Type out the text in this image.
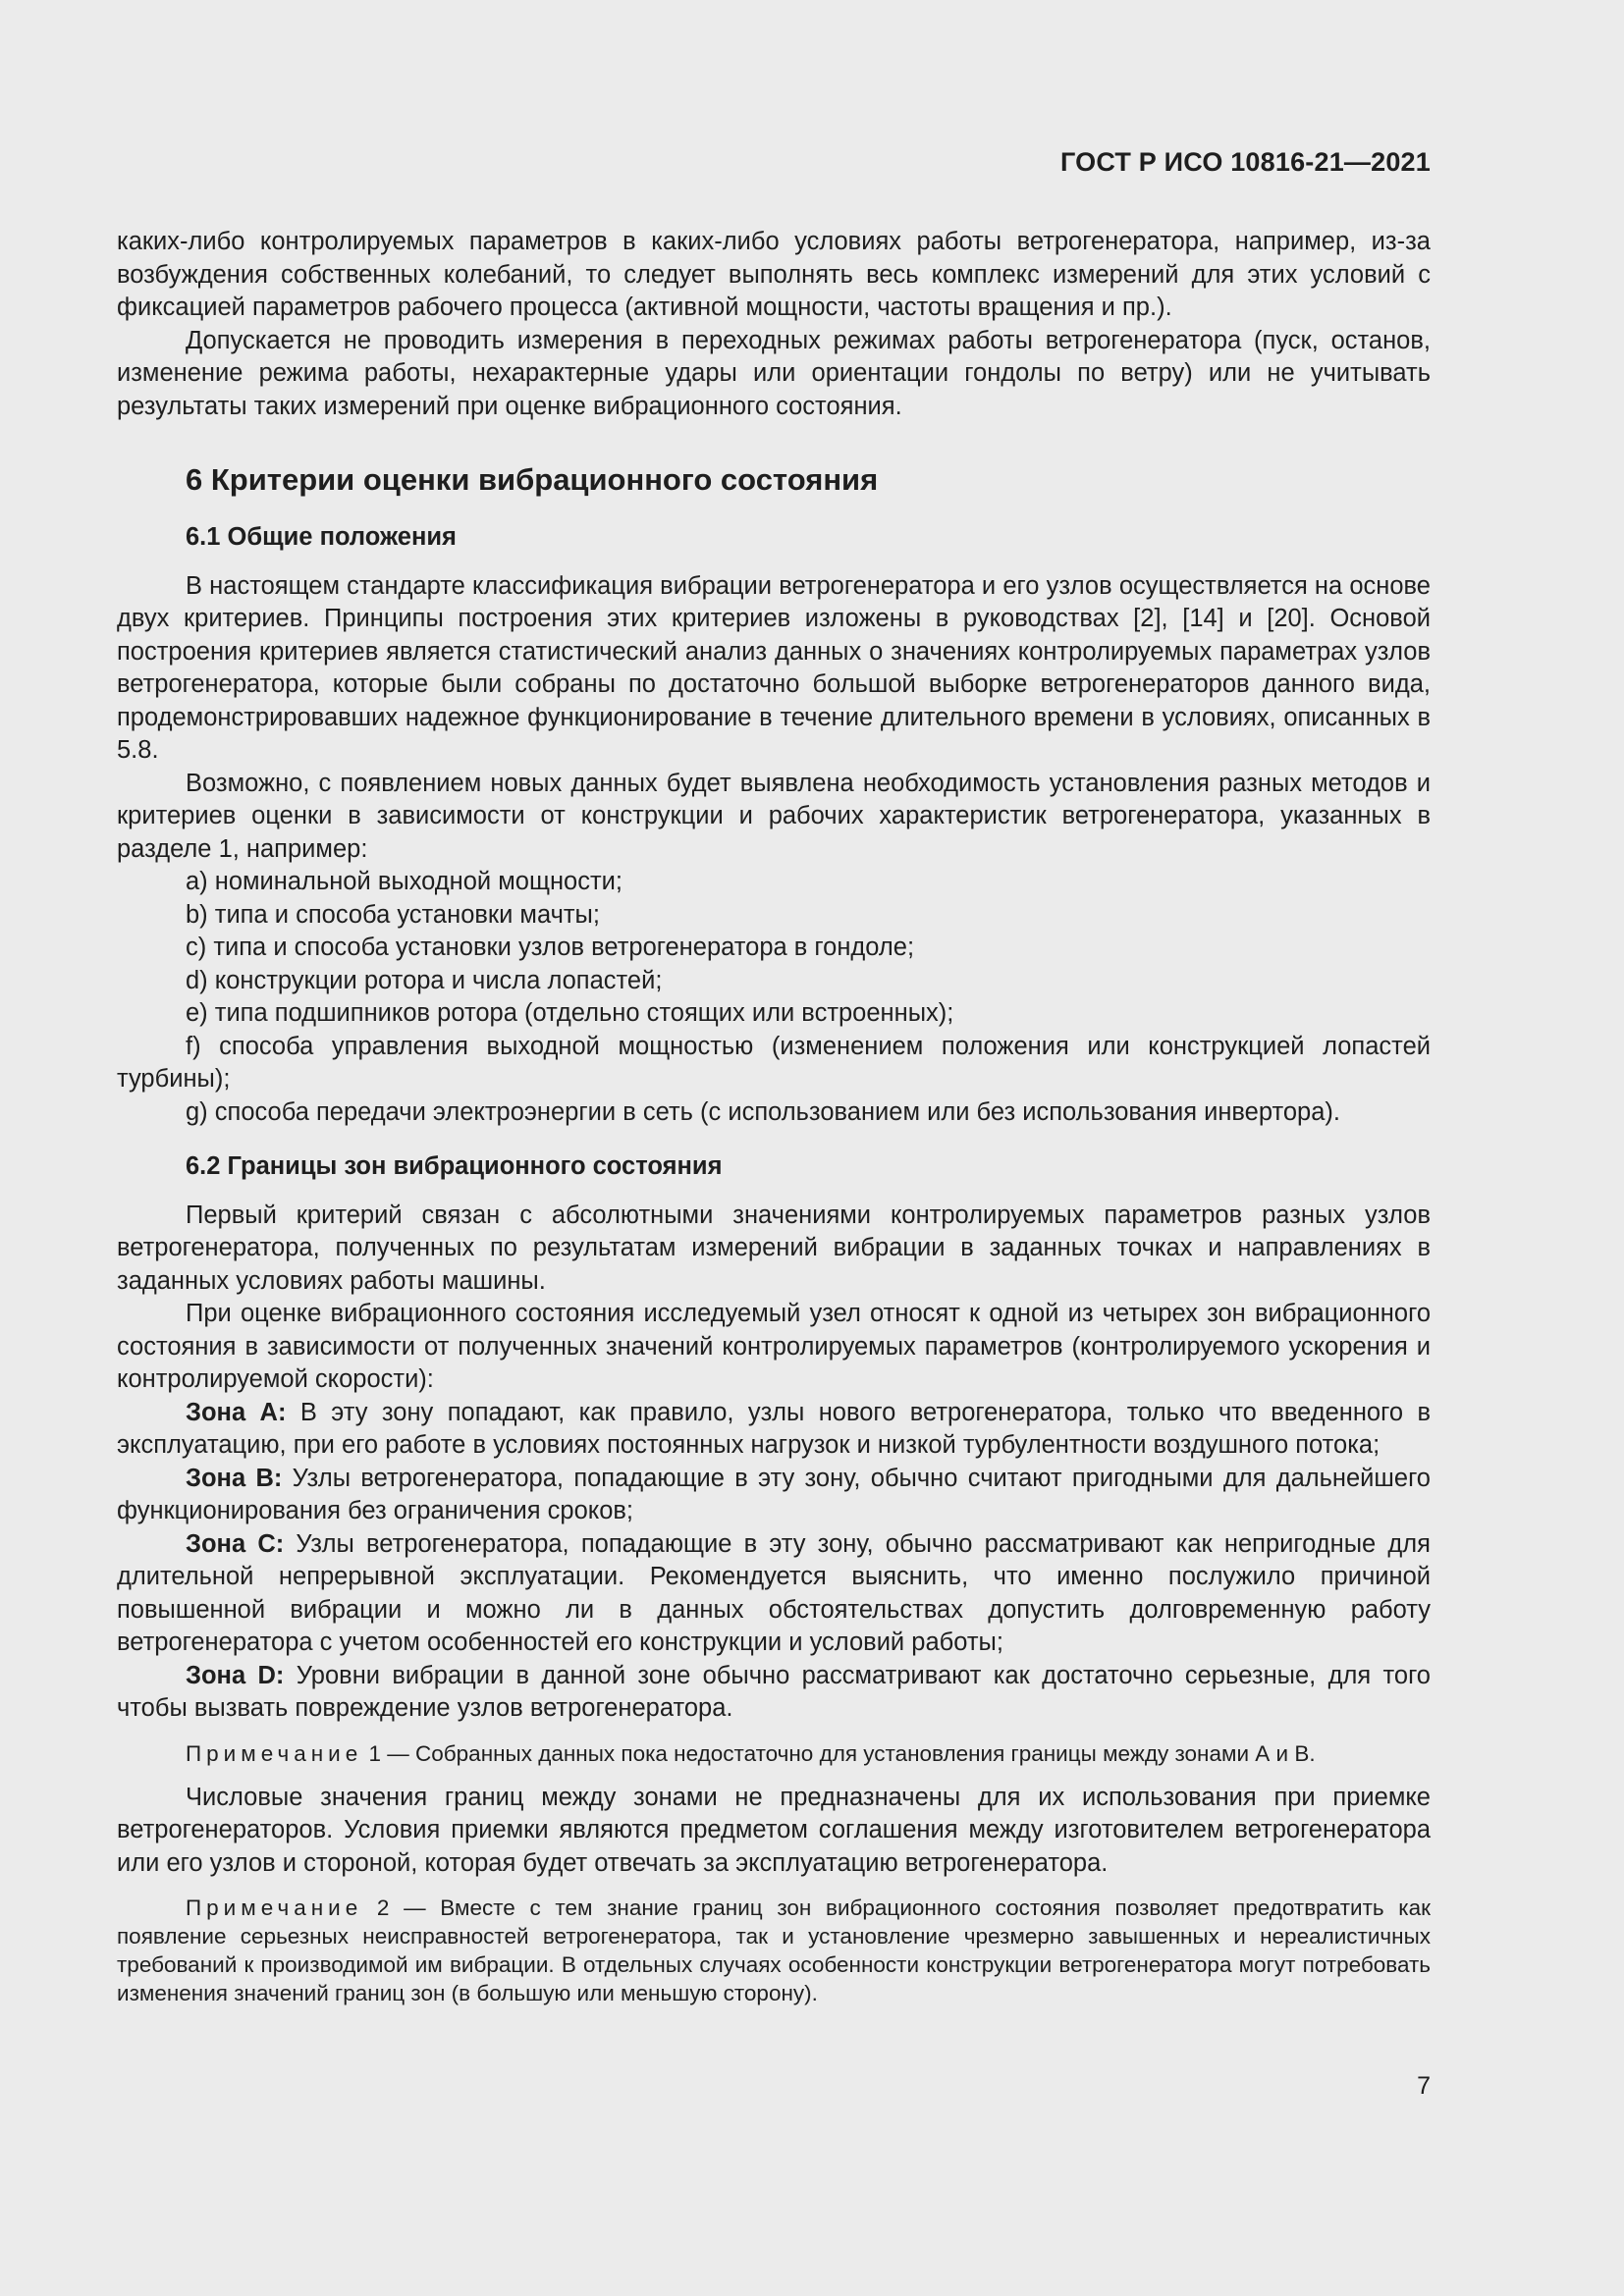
ГОСТ Р ИСО 10816-21—2021

каких-либо контролируемых параметров в каких-либо условиях работы ветрогенератора, например, из-за возбуждения собственных колебаний, то следует выполнять весь комплекс измерений для этих условий с фиксацией параметров рабочего процесса (активной мощности, частоты вращения и пр.).

Допускается не проводить измерения в переходных режимах работы ветрогенератора (пуск, останов, изменение режима работы, нехарактерные удары или ориентации гондолы по ветру) или не учитывать результаты таких измерений при оценке вибрационного состояния.

6 Критерии оценки вибрационного состояния
6.1 Общие положения

В настоящем стандарте классификация вибрации ветрогенератора и его узлов осуществляется на основе двух критериев. Принципы построения этих критериев изложены в руководствах [2], [14] и [20]. Основой построения критериев является статистический анализ данных о значениях контролируемых параметрах узлов ветрогенератора, которые были собраны по достаточно большой выборке ветрогенераторов данного вида, продемонстрировавших надежное функционирование в течение длительного времени в условиях, описанных в 5.8.

Возможно, с появлением новых данных будет выявлена необходимость установления разных методов и критериев оценки в зависимости от конструкции и рабочих характеристик ветрогенератора, указанных в разделе 1, например:

а) номинальной выходной мощности;

b) типа и способа установки мачты;

c) типа и способа установки узлов ветрогенератора в гондоле;

d) конструкции ротора и числа лопастей;

e) типа подшипников ротора (отдельно стоящих или встроенных);

f) способа управления выходной мощностью (изменением положения или конструкцией лопастей турбины);

g) способа передачи электроэнергии в сеть (с использованием или без использования инвертора).

6.2 Границы зон вибрационного состояния

Первый критерий связан с абсолютными значениями контролируемых параметров разных узлов ветрогенератора, полученных по результатам измерений вибрации в заданных точках и направлениях в заданных условиях работы машины.

При оценке вибрационного состояния исследуемый узел относят к одной из четырех зон вибрационного состояния в зависимости от полученных значений контролируемых параметров (контролируемого ускорения и контролируемой скорости):

Зона А: В эту зону попадают, как правило, узлы нового ветрогенератора, только что введенного в эксплуатацию, при его работе в условиях постоянных нагрузок и низкой турбулентности воздушного потока;

Зона В: Узлы ветрогенератора, попадающие в эту зону, обычно считают пригодными для дальнейшего функционирования без ограничения сроков;

Зона С: Узлы ветрогенератора, попадающие в эту зону, обычно рассматривают как непригодные для длительной непрерывной эксплуатации. Рекомендуется выяснить, что именно послужило причиной повышенной вибрации и можно ли в данных обстоятельствах допустить долговременную работу ветрогенератора с учетом особенностей его конструкции и условий работы;

Зона D: Уровни вибрации в данной зоне обычно рассматривают как достаточно серьезные, для того чтобы вызвать повреждение узлов ветрогенератора.

Примечание 1 — Собранных данных пока недостаточно для установления границы между зонами А и В.

Числовые значения границ между зонами не предназначены для их использования при приемке ветрогенераторов. Условия приемки являются предметом соглашения между изготовителем ветрогенератора или его узлов и стороной, которая будет отвечать за эксплуатацию ветрогенератора.

Примечание 2 — Вместе с тем знание границ зон вибрационного состояния позволяет предотвратить как появление серьезных неисправностей ветрогенератора, так и установление чрезмерно завышенных и нереалистичных требований к производимой им вибрации. В отдельных случаях особенности конструкции ветрогенератора могут потребовать изменения значений границ зон (в большую или меньшую сторону).

7
